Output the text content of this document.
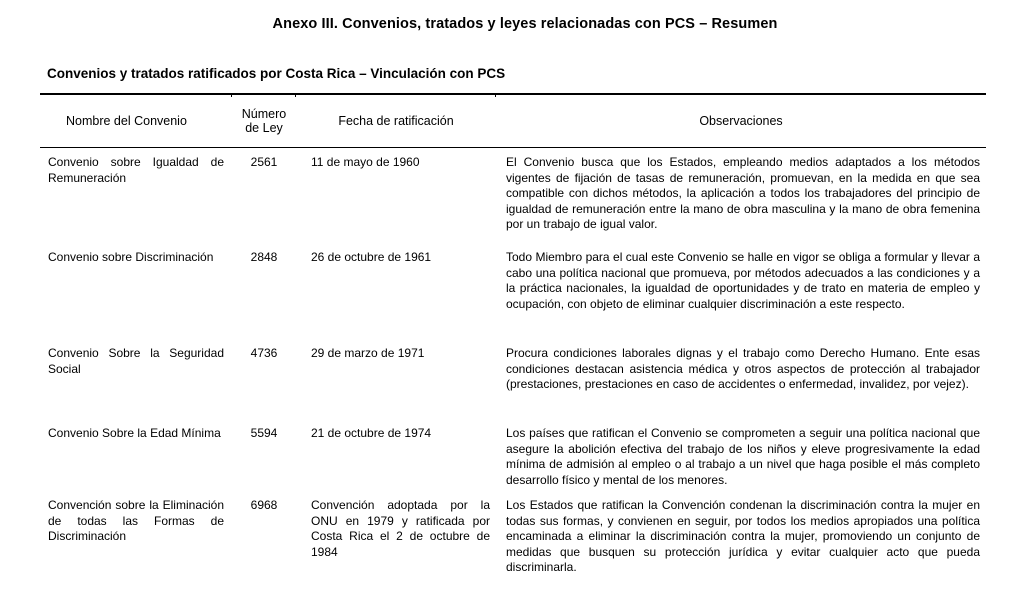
Anexo III. Convenios, tratados y leyes relacionadas con PCS – Resumen
Convenios y tratados ratificados por Costa Rica – Vinculación con PCS
Nombre del Convenio	Número de Ley	Fecha de ratificación	Observaciones
Convenio sobre Igualdad de Remuneración	2561	11 de mayo de 1960	El Convenio busca que los Estados, empleando medios adaptados a los métodos vigentes de fijación de tasas de remuneración, promuevan, en la medida en que sea compatible con dichos métodos, la aplicación a todos los trabajadores del principio de igualdad de remuneración entre la mano de obra masculina y la mano de obra femenina por un trabajo de igual valor.
Convenio sobre Discriminación	2848	26 de octubre de 1961	Todo Miembro para el cual este Convenio se halle en vigor se obliga a formular y llevar a cabo una política nacional que promueva, por métodos adecuados a las condiciones y a la práctica nacionales, la igualdad de oportunidades y de trato en materia de empleo y ocupación, con objeto de eliminar cualquier discriminación a este respecto.
Convenio Sobre la Seguridad Social	4736	29 de marzo de 1971	Procura condiciones laborales dignas y el trabajo como Derecho Humano. Ente esas condiciones destacan asistencia médica y otros aspectos de protección al trabajador (prestaciones, prestaciones en caso de accidentes o enfermedad, invalidez, por vejez).
Convenio Sobre la Edad Mínima	5594	21 de octubre de 1974	Los países que ratifican el Convenio se comprometen a seguir una política nacional que asegure la abolición efectiva del trabajo de los niños y eleve progresivamente la edad mínima de admisión al empleo o al trabajo a un nivel que haga posible el más completo desarrollo físico y mental de los menores.
Convención sobre la Eliminación de todas las Formas de Discriminación	6968	Convención adoptada por la ONU en 1979 y ratificada por Costa Rica el 2 de octubre de 1984	Los Estados que ratifican la Convención condenan la discriminación contra la mujer en todas sus formas, y convienen en seguir, por todos los medios apropiados una política encaminada a eliminar la discriminación contra la mujer, promoviendo un conjunto de medidas que busquen su protección jurídica y evitar cualquier acto que pueda discriminarla.
